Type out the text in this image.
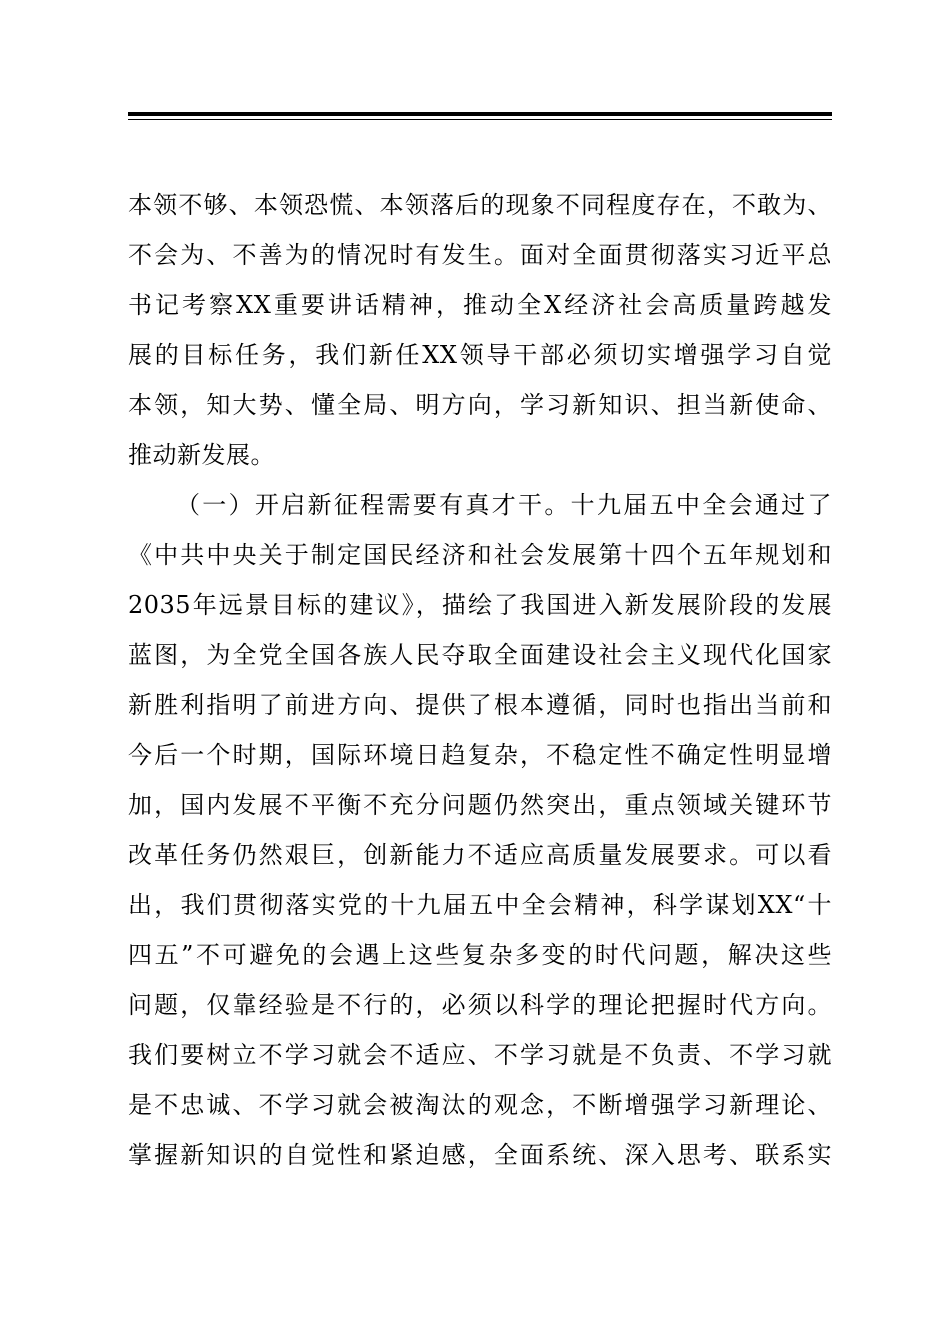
本领不够、本领恐慌、本领落后的现象不同程度存在，不敢为、
不会为、不善为的情况时有发生。面对全面贯彻落实习近平总
书记考察XX重要讲话精神，推动全X经济社会高质量跨越发
展的目标任务，我们新任XX领导干部必须切实增强学习自觉
本领，知大势、懂全局、明方向，学习新知识、担当新使命、
推动新发展。
（一）开启新征程需要有真才干。十九届五中全会通过了
《中共中央关于制定国民经济和社会发展第十四个五年规划和
2035年远景目标的建议》，描绘了我国进入新发展阶段的发展
蓝图，为全党全国各族人民夺取全面建设社会主义现代化国家
新胜利指明了前进方向、提供了根本遵循，同时也指出当前和
今后一个时期，国际环境日趋复杂，不稳定性不确定性明显增
加，国内发展不平衡不充分问题仍然突出，重点领域关键环节
改革任务仍然艰巨，创新能力不适应高质量发展要求。可以看
出，我们贯彻落实党的十九届五中全会精神，科学谋划XX“十
四五”不可避免的会遇上这些复杂多变的时代问题，解决这些
问题，仅靠经验是不行的，必须以科学的理论把握时代方向。
我们要树立不学习就会不适应、不学习就是不负责、不学习就
是不忠诚、不学习就会被淘汰的观念，不断增强学习新理论、
掌握新知识的自觉性和紧迫感，全面系统、深入思考、联系实
